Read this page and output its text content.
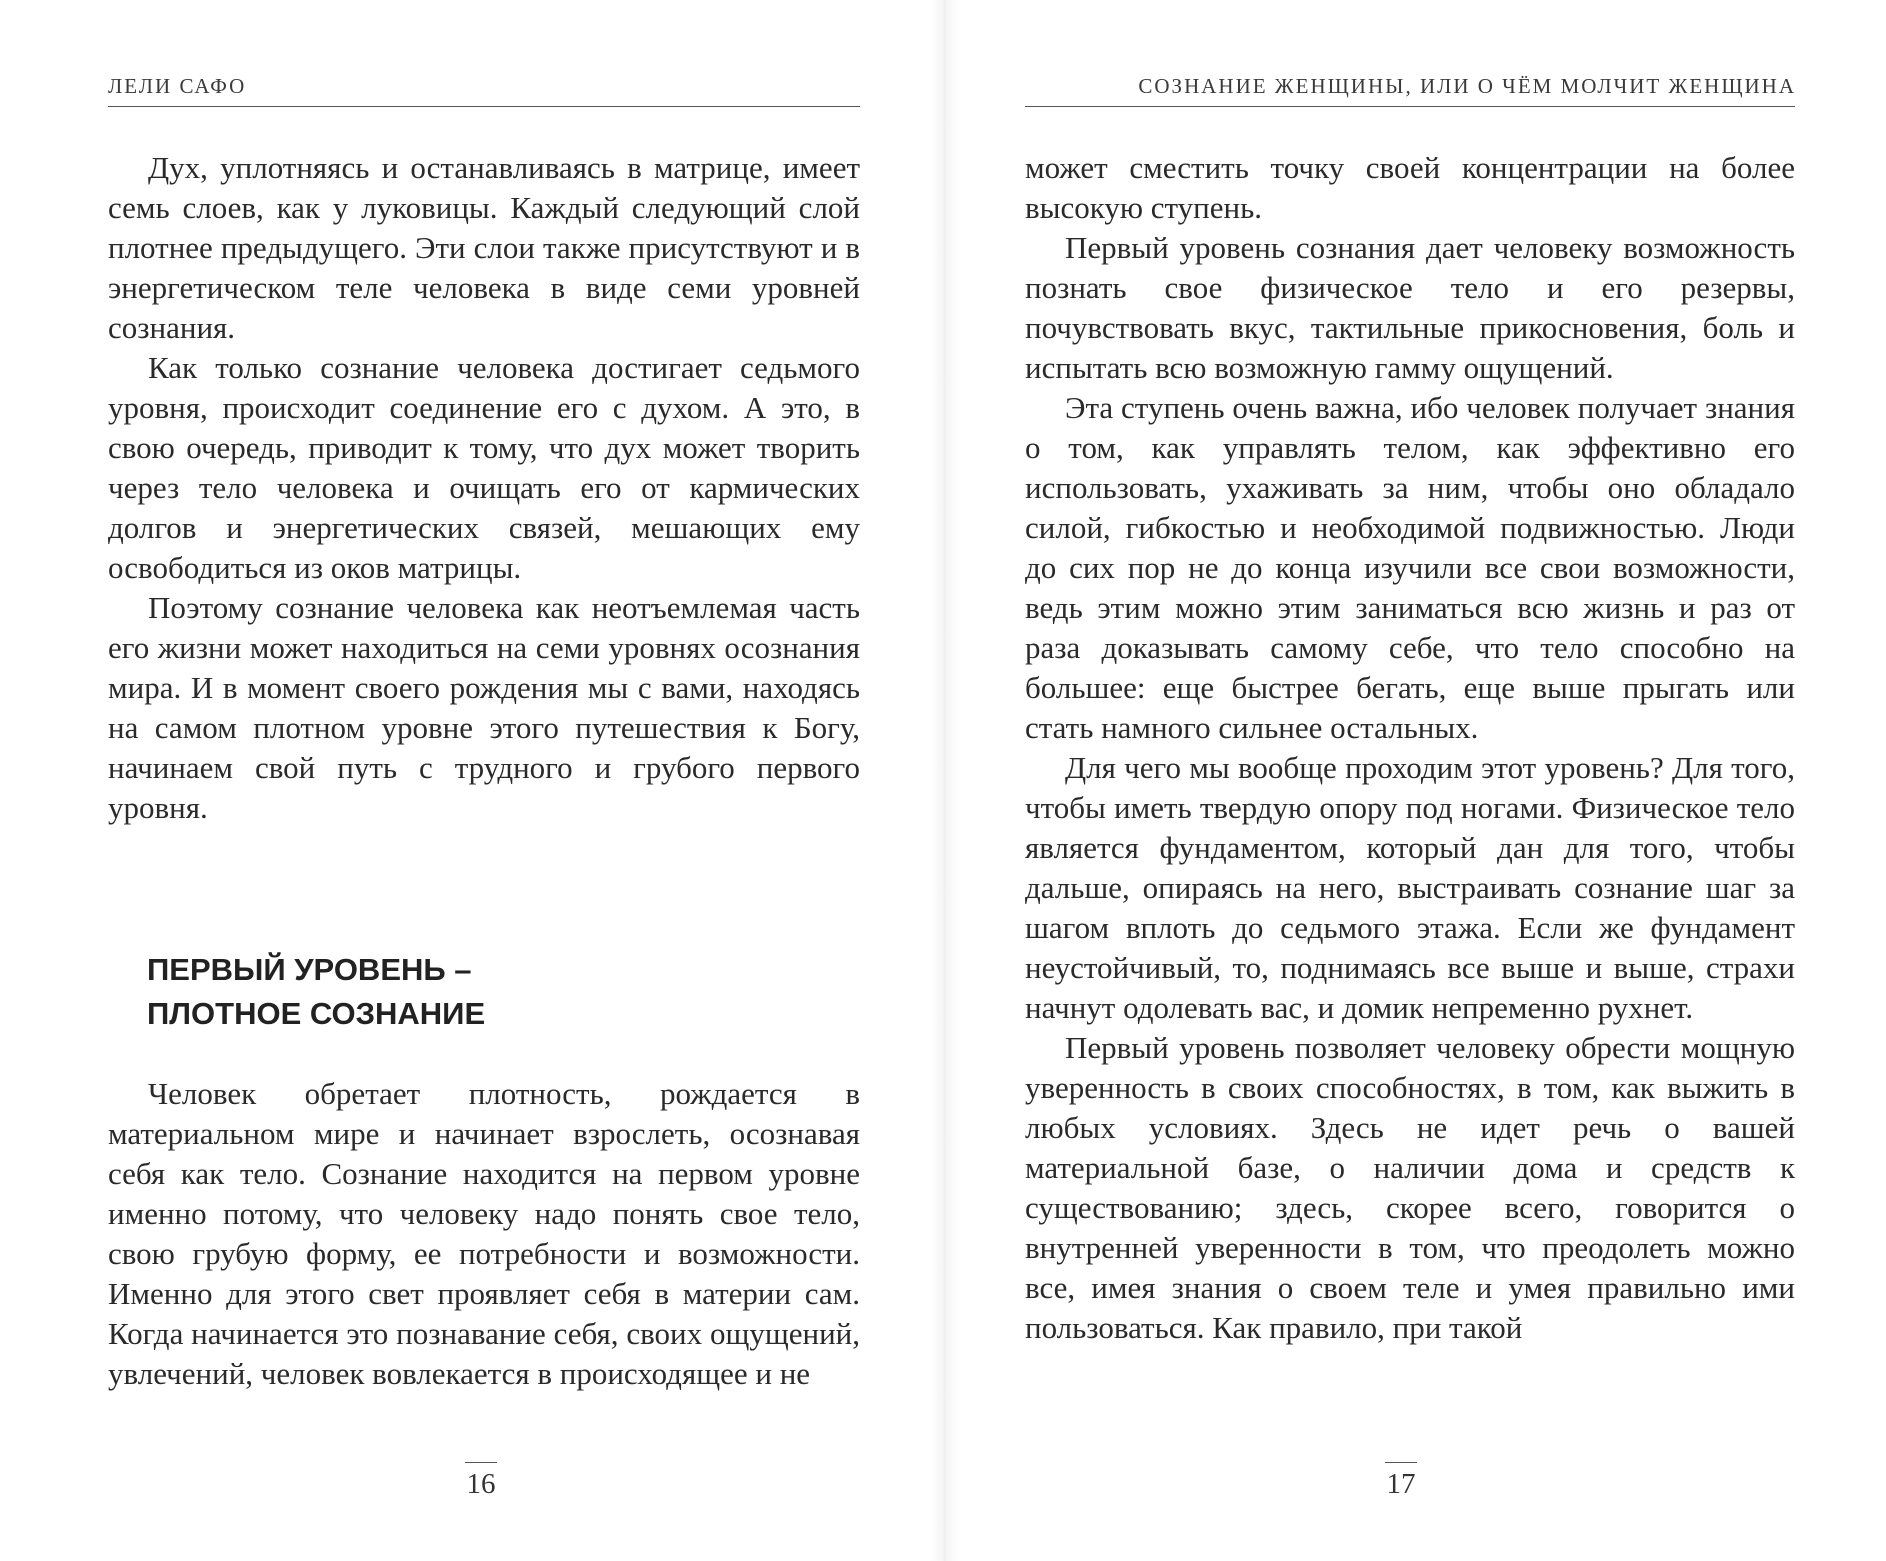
ЛЕЛИ САФО

Дух, уплотняясь и останавливаясь в матрице, имеет семь слоев, как у луковицы. Каждый следующий слой плотнее предыдущего. Эти слои также присутствуют и в энергетическом теле человека в виде семи уровней сознания.

Как только сознание человека достигает седьмого уровня, происходит соединение его с духом. А это, в свою очередь, приводит к тому, что дух может творить через тело человека и очищать его от кармических долгов и энергетических связей, мешающих ему освободиться из оков матрицы.

Поэтому сознание человека как неотъемлемая часть его жизни может находиться на семи уровнях осознания мира. И в момент своего рождения мы с вами, находясь на самом плотном уровне этого путешествия к Богу, начинаем свой путь с трудного и грубого первого уровня.

ПЕРВЫЙ УРОВЕНЬ –
ПЛОТНОЕ СОЗНАНИЕ

Человек обретает плотность, рождается в материальном мире и начинает взрослеть, осознавая себя как тело. Сознание находится на первом уровне именно потому, что человеку надо понять свое тело, свою грубую форму, ее потребности и возможности. Именно для этого свет проявляет себя в материи сам. Когда начинается это познавание себя, своих ощущений, увлечений, человек вовлекается в происходящее и не

16
СОЗНАНИЕ ЖЕНЩИНЫ, ИЛИ О ЧЁМ МОЛЧИТ ЖЕНЩИНА

может сместить точку своей концентрации на более высокую ступень.

Первый уровень сознания дает человеку возможность познать свое физическое тело и его резервы, почувствовать вкус, тактильные прикосновения, боль и испытать всю возможную гамму ощущений.

Эта ступень очень важна, ибо человек получает знания о том, как управлять телом, как эффективно его использовать, ухаживать за ним, чтобы оно обладало силой, гибкостью и необходимой подвижностью. Люди до сих пор не до конца изучили все свои возможности, ведь этим можно этим заниматься всю жизнь и раз от раза доказывать самому себе, что тело способно на большее: еще быстрее бегать, еще выше прыгать или стать намного сильнее остальных.

Для чего мы вообще проходим этот уровень? Для того, чтобы иметь твердую опору под ногами. Физическое тело является фундаментом, который дан для того, чтобы дальше, опираясь на него, выстраивать сознание шаг за шагом вплоть до седьмого этажа. Если же фундамент неустойчивый, то, поднимаясь все выше и выше, страхи начнут одолевать вас, и домик непременно рухнет.

Первый уровень позволяет человеку обрести мощную уверенность в своих способностях, в том, как выжить в любых условиях. Здесь не идет речь о вашей материальной базе, о наличии дома и средств к существованию; здесь, скорее всего, говорится о внутренней уверенности в том, что преодолеть можно все, имея знания о своем теле и умея правильно ими пользоваться. Как правило, при такой

17
